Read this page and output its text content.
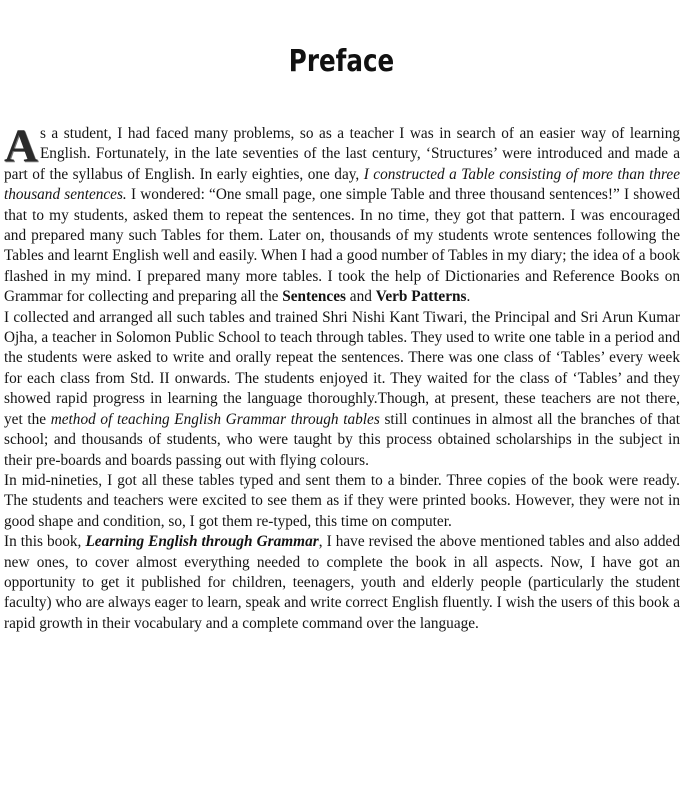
Preface

As a student, I had faced many problems, so as a teacher I was in search of an easier way of learning English. Fortunately, in the late seventies of the last century, ‘Structures’ were introduced and made a part of the syllabus of English. In early eighties, one day, I constructed a Table consisting of more than three thousand sentences. I wondered: “One small page, one simple Table and three thousand sentences!” I showed that to my students, asked them to repeat the sentences. In no time, they got that pattern. I was encouraged and prepared many such Tables for them. Later on, thousands of my students wrote sentences following the Tables and learnt English well and easily. When I had a good number of Tables in my diary; the idea of a book flashed in my mind. I prepared many more tables. I took the help of Dictionaries and Reference Books on Grammar for collecting and preparing all the Sentences and Verb Patterns.

I collected and arranged all such tables and trained Shri Nishi Kant Tiwari, the Principal and Sri Arun Kumar Ojha, a teacher in Solomon Public School to teach through tables. They used to write one table in a period and the students were asked to write and orally repeat the sentences. There was one class of ‘Tables’ every week for each class from Std. II onwards. The students enjoyed it. They waited for the class of ‘Tables’ and they showed rapid progress in learning the language thoroughly.Though, at present, these teachers are not there, yet the method of teaching English Grammar through tables still continues in almost all the branches of that school; and thousands of students, who were taught by this process obtained scholarships in the subject in their pre-boards and boards passing out with flying colours.

In mid-nineties, I got all these tables typed and sent them to a binder. Three copies of the book were ready. The students and teachers were excited to see them as if they were printed books. However, they were not in good shape and condition, so, I got them re-typed, this time on computer.

In this book, Learning English through Grammar, I have revised the above mentioned tables and also added new ones, to cover almost everything needed to complete the book in all aspects. Now, I have got an opportunity to get it published for children, teenagers, youth and elderly people (particularly the student faculty) who are always eager to learn, speak and write correct English fluently. I wish the users of this book a rapid growth in their vocabulary and a complete command over the language.
